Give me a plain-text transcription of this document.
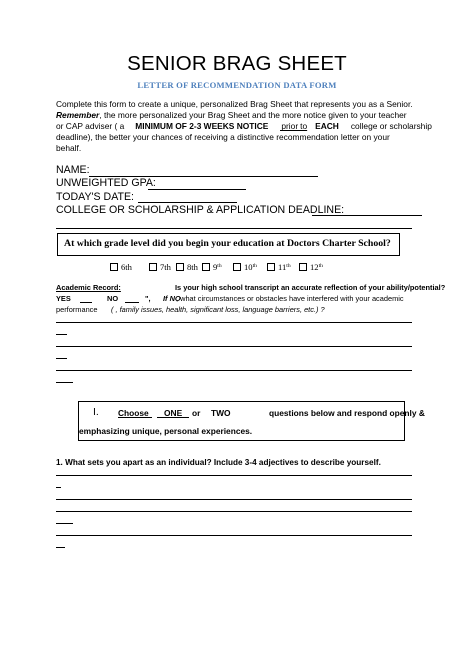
SENIOR BRAG SHEET
LETTER OF RECOMMENDATION DATA FORM
Complete this form to create a unique, personalized Brag Sheet that represents you as a Senior.
Remember, the more personalized your Brag Sheet and the more notice given to your teacher
or CAP adviser ( a MINIMUM OF 2-3 WEEKS NOTICE prior to EACH college or scholarship
deadline), the better your chances of receiving a distinctive recommendation letter on your
behalf.
NAME:
UNWEIGHTED GPA:
TODAY'S DATE:
COLLEGE OR SCHOLARSHIP & APPLICATION DEADLINE:
At which grade level did you begin your education at Doctors Charter School?
6th	7th	8th	9th	10th	11th	12th
Academic Record:	Is your high school transcript an accurate reflection of your ability/potential?
YES	NO	", If NO
, what circumstances or obstacles have interfered with your academic
performance ( , family issues, health, significant loss, language barriers, etc.) ?
I. Choose ONE or TWO	questions below and respond openly &
emphasizing unique, personal experiences.
1. What sets you apart as an individual? Include 3-4 adjectives to describe yourself.
